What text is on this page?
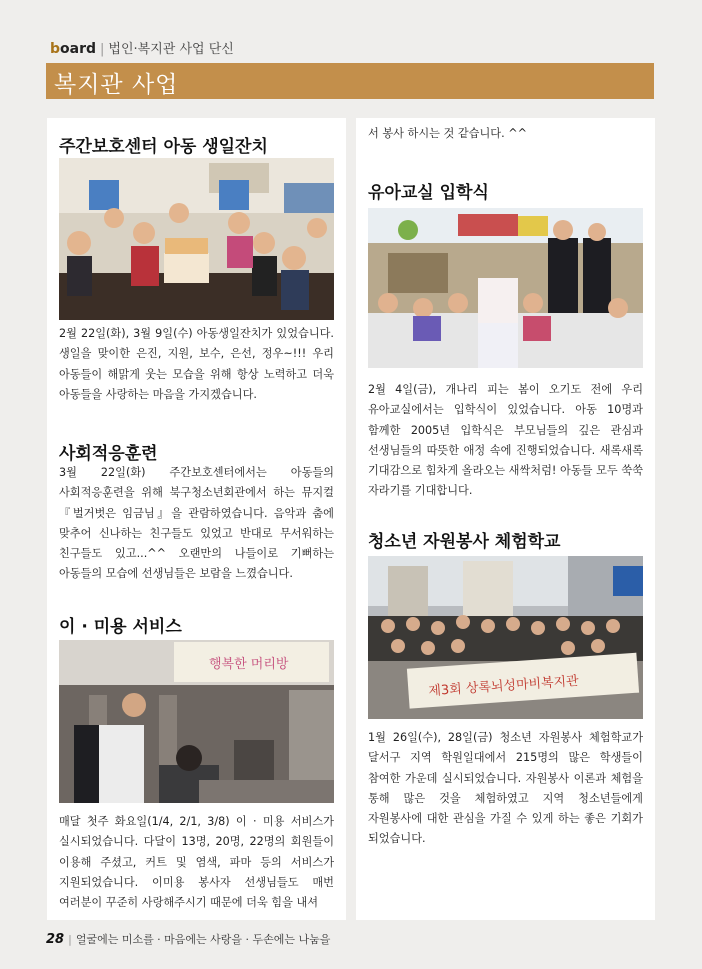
board | 법인·복지관 사업 단신
복지관 사업
주간보호센터 아동 생일잔치
2월 22일(화), 3월 9일(수) 아동생일잔치가 있었습니다. 생일을 맞이한 은진, 지원, 보수, 은선, 정우~!!! 우리 아동들이 해맑게 웃는 모습을 위해 항상 노력하고 더욱 아동들을 사랑하는 마음을 가지겠습니다.
사회적응훈련
3월 22일(화) 주간보호센터에서는 아동들의 사회적응훈련을 위해 북구청소년회관에서 하는 뮤지컬 『벌거벗은 임금님』을 관람하였습니다. 음악과 춤에 맞추어 신나하는 친구들도 있었고 반대로 무서워하는 친구들도 있고...^^ 오랜만의 나들이로 기뻐하는 아동들의 모습에 선생님들은 보람을 느꼈습니다.
이 · 미용 서비스
행복한 머리방
매달 첫주 화요일(1/4, 2/1, 3/8) 이 · 미용 서비스가 실시되었습니다. 다달이 13명, 20명, 22명의 회원들이 이용해 주셨고, 커트 및 염색, 파마 등의 서비스가 지원되었습니다. 이미용 봉사자 선생님들도 매번 여러분이 꾸준히 사랑해주시기 때문에 더욱 힘을 내셔
서 봉사 하시는 것 같습니다. ^^
유아교실 입학식
2월 4일(금), 개나리 피는 봄이 오기도 전에 우리 유아교실에서는 입학식이 있었습니다. 아동 10명과 함께한 2005년 입학식은 부모님들의 깊은 관심과 선생님들의 따뜻한 애정 속에 진행되었습니다. 새록새록 기대감으로 힘차게 올라오는 새싹처럼! 아동들 모두 쑥쑥 자라기를 기대합니다.
청소년 자원봉사 체험학교
제3회 상록뇌성마비복지관
1월 26일(수), 28일(금) 청소년 자원봉사 체험학교가 달서구 지역 학원일대에서 215명의 많은 학생들이 참여한 가운데 실시되었습니다. 자원봉사 이론과 체험을 통해 많은 것을 체험하였고 지역 청소년들에게 자원봉사에 대한 관심을 가질 수 있게 하는 좋은 기회가 되었습니다.
28 | 얼굴에는 미소를 · 마음에는 사랑을 · 두손에는 나눔을
